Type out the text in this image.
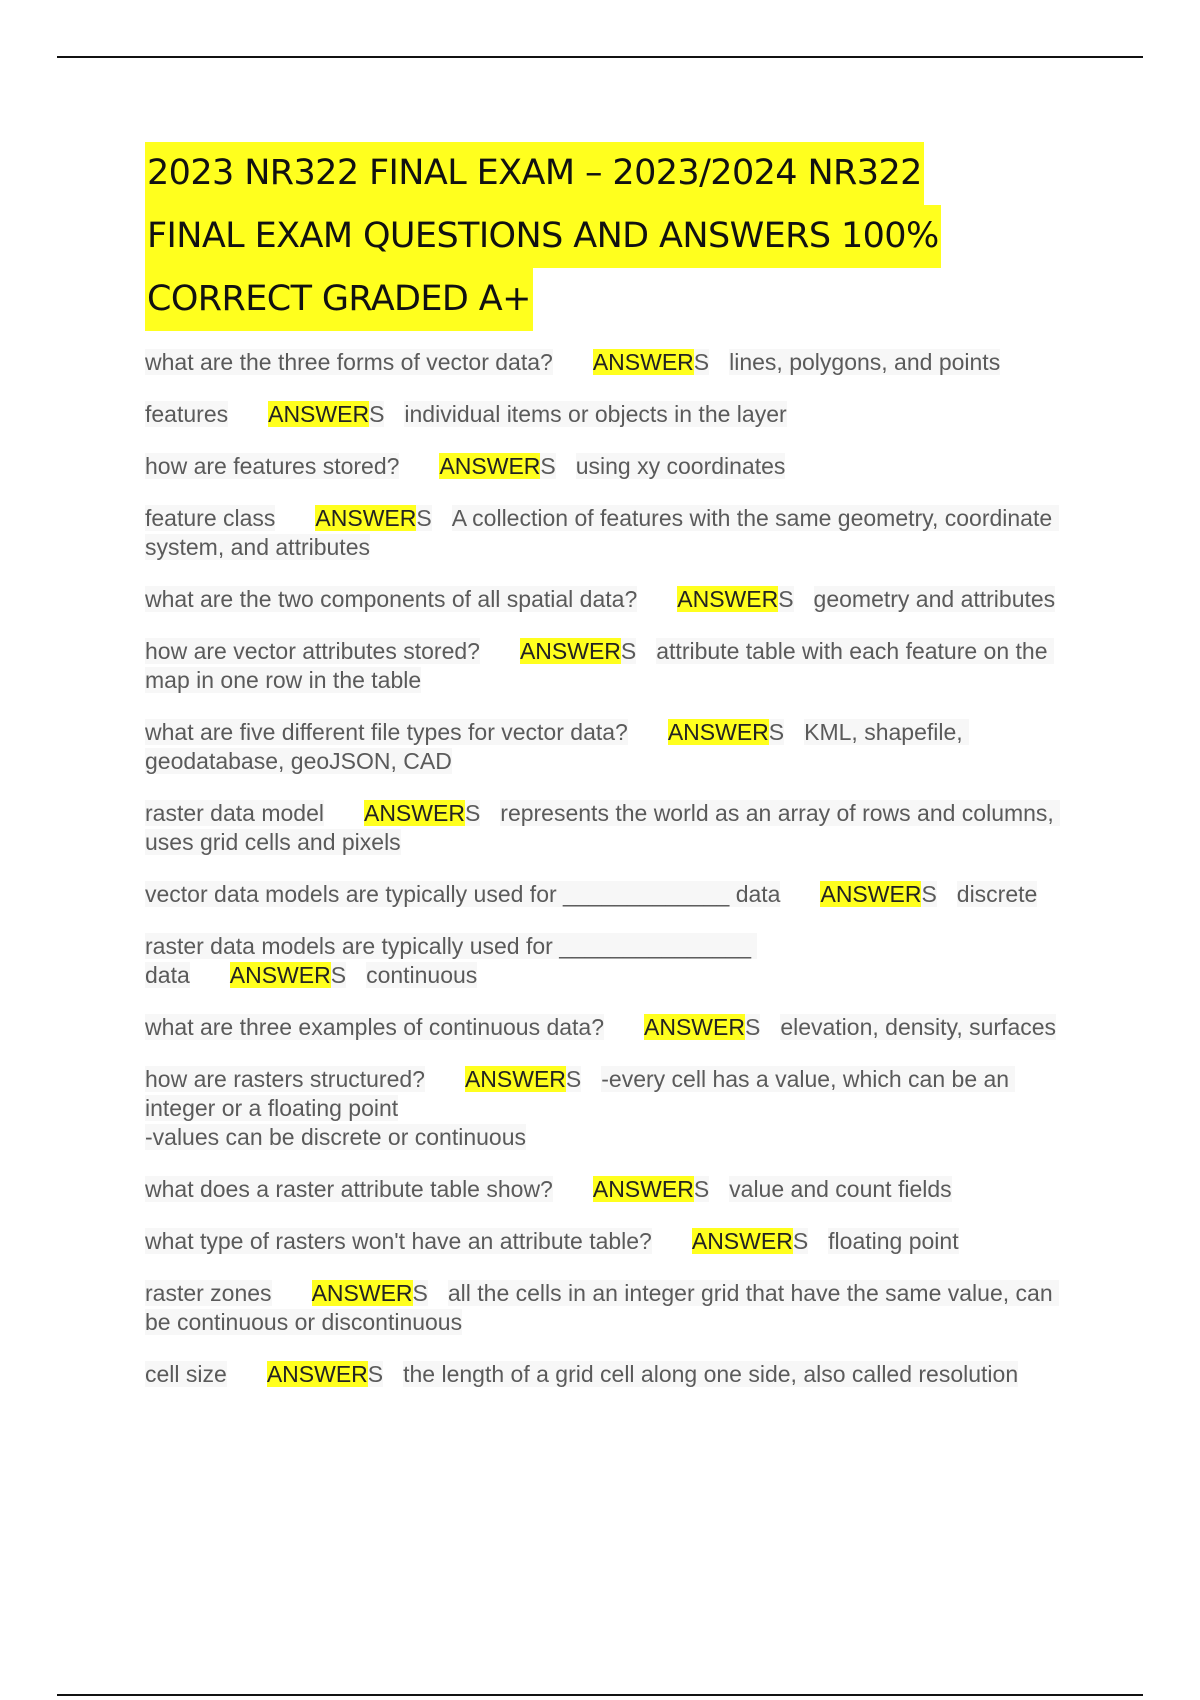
2023 NR322 FINAL EXAM – 2023/2024 NR322
FINAL EXAM QUESTIONS AND ANSWERS 100%
CORRECT GRADED A+

what are the three forms of vector data? ANSWERS lines, polygons, and points

features ANSWERS individual items or objects in the layer

how are features stored? ANSWERS using xy coordinates

feature class ANSWERS A collection of features with the same geometry, coordinate system, and attributes

what are the two components of all spatial data? ANSWERS geometry and attributes

how are vector attributes stored? ANSWERS attribute table with each feature on the map in one row in the table

what are five different file types for vector data? ANSWERS KML, shapefile, geodatabase, geoJSON, CAD

raster data model ANSWERS represents the world as an array of rows and columns, uses grid cells and pixels

vector data models are typically used for _____________ data ANSWERS discrete

raster data models are typically used for _______________ data ANSWERS continuous

what are three examples of continuous data? ANSWERS elevation, density, surfaces

how are rasters structured? ANSWERS -every cell has a value, which can be an integer or a floating point
-values can be discrete or continuous

what does a raster attribute table show? ANSWERS value and count fields

what type of rasters won't have an attribute table? ANSWERS floating point

raster zones ANSWERS all the cells in an integer grid that have the same value, can be continuous or discontinuous

cell size ANSWERS the length of a grid cell along one side, also called resolution
